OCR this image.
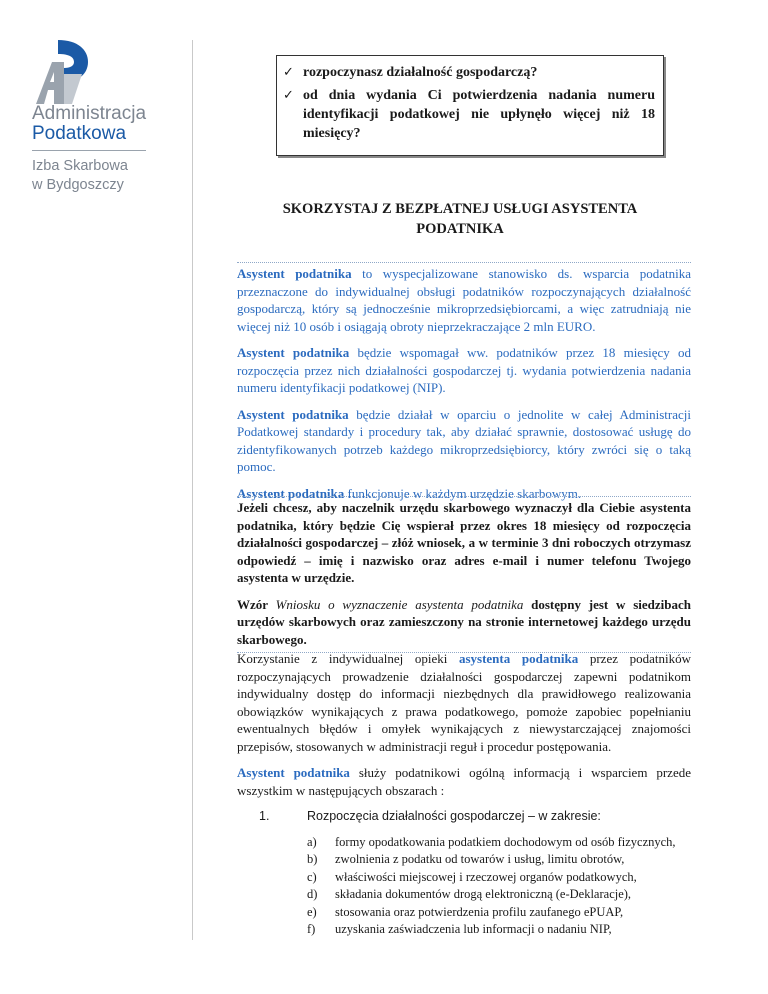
Administracja
Podatkowa
Izba Skarbowa
w Bydgoszczy
✓ rozpoczynasz działalność gospodarczą?
✓ od dnia wydania Ci potwierdzenia nadania numeru identyfikacji podatkowej nie upłynęło więcej niż 18 miesięcy?
SKORZYSTAJ Z BEZPŁATNEJ USŁUGI ASYSTENTA
PODATNIKA

Asystent podatnika to wyspecjalizowane stanowisko ds. wsparcia podatnika przeznaczone do indywidualnej obsługi podatników rozpoczynających działalność gospodarczą, który są jednocześnie mikroprzedsiębiorcami, a więc zatrudniają nie więcej niż 10 osób i osiągają obroty nieprzekraczające 2 mln EURO.

Asystent podatnika będzie wspomagał ww. podatników przez 18 miesięcy od rozpoczęcia przez nich działalności gospodarczej tj. wydania potwierdzenia nadania numeru identyfikacji podatkowej (NIP).

Asystent podatnika będzie działał w oparciu o jednolite w całej Administracji Podatkowej standardy i procedury tak, aby działać sprawnie, dostosować usługę do zidentyfikowanych potrzeb każdego mikroprzedsiębiorcy, który zwróci się o taką pomoc.

Asystent podatnika funkcjonuje w każdym urzędzie skarbowym.

Jeżeli chcesz, aby naczelnik urzędu skarbowego wyznaczył dla Ciebie asystenta podatnika, który będzie Cię wspierał przez okres 18 miesięcy od rozpoczęcia działalności gospodarczej – złóż wniosek, a w terminie 3 dni roboczych otrzymasz odpowiedź – imię i nazwisko oraz adres e-mail i numer telefonu Twojego asystenta w urzędzie.

Wzór Wniosku o wyznaczenie asystenta podatnika dostępny jest w siedzibach urzędów skarbowych oraz zamieszczony na stronie internetowej każdego urzędu skarbowego.

Korzystanie z indywidualnej opieki asystenta podatnika przez podatników rozpoczynających prowadzenie działalności gospodarczej zapewni podatnikom indywidualny dostęp do informacji niezbędnych dla prawidłowego realizowania obowiązków wynikających z prawa podatkowego, pomoże zapobiec popełnianiu ewentualnych błędów i omyłek wynikających z niewystarczającej znajomości przepisów, stosowanych w administracji reguł i procedur postępowania.

Asystent podatnika służy podatnikowi ogólną informacją i wsparciem przede wszystkim w następujących obszarach :

1.	Rozpoczęcia działalności gospodarczej – w zakresie:
a)	formy opodatkowania podatkiem dochodowym od osób fizycznych,
b)	zwolnienia z podatku od towarów i usług, limitu obrotów,
c)	właściwości miejscowej i rzeczowej organów podatkowych,
d)	składania dokumentów drogą elektroniczną (e-Deklaracje),
e)	stosowania oraz potwierdzenia profilu zaufanego ePUAP,
f)	uzyskania zaświadczenia lub informacji o nadaniu NIP,
